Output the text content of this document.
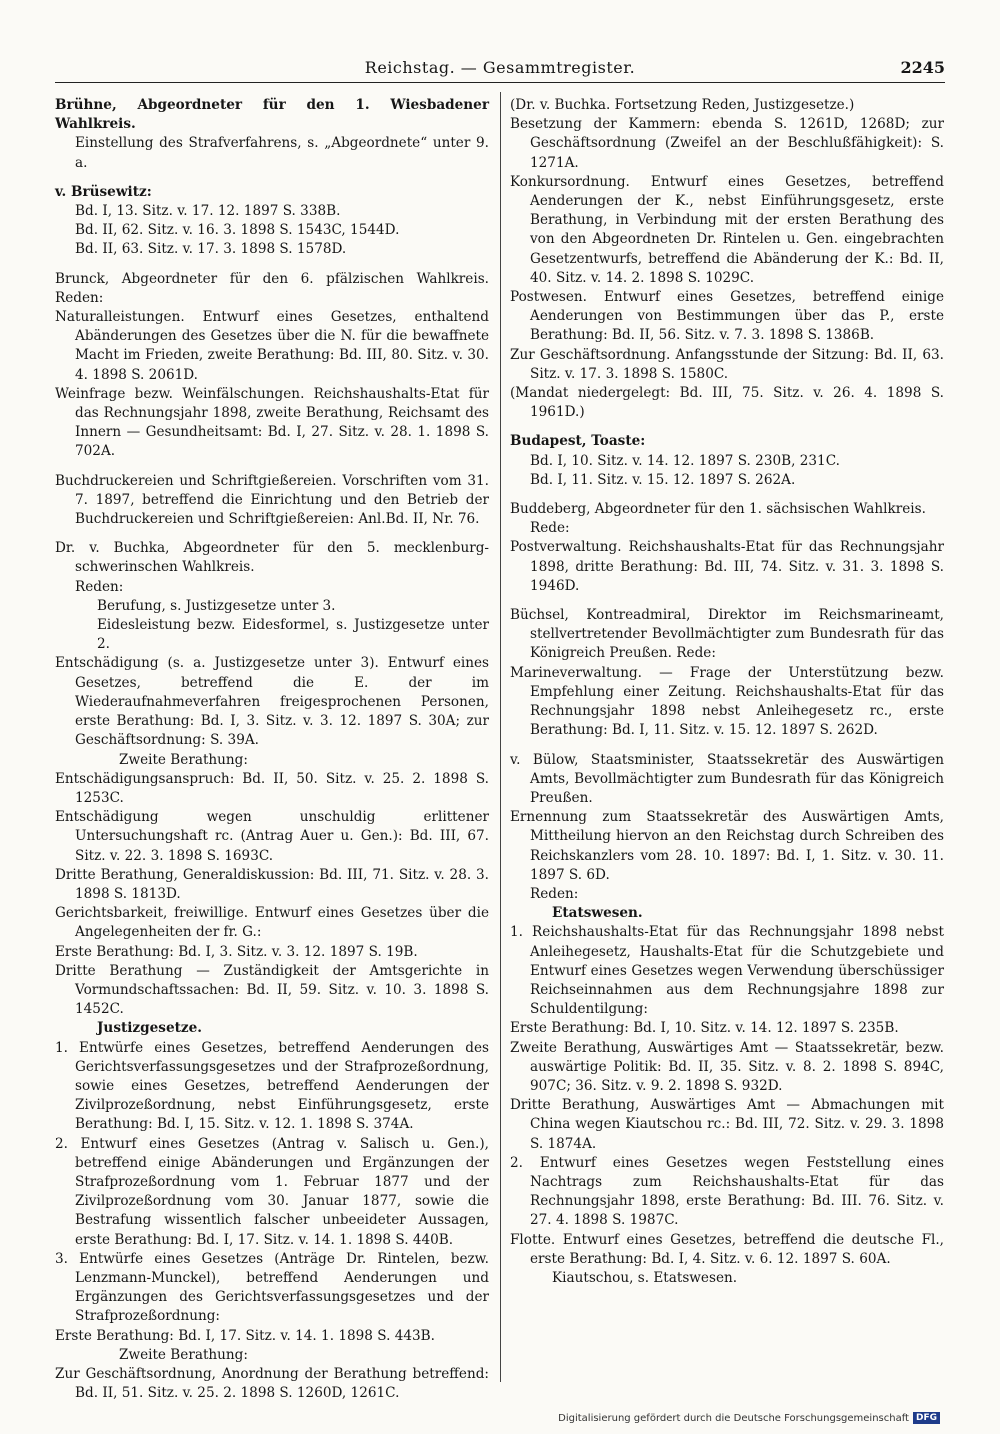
Reichstag. — Gesammtregister.	2245
Brühne, Abgeordneter für den 1. Wiesbadener Wahlkreis.
Einstellung des Strafverfahrens, s. „Abgeordnete“ unter 9. a.
v. Brüsewitz:
Bd. I, 13. Sitz. v. 17. 12. 1897 S. 338B.
Bd. II, 62. Sitz. v. 16. 3. 1898 S. 1543C, 1544D.
Bd. II, 63. Sitz. v. 17. 3. 1898 S. 1578D.
Brunck, Abgeordneter für den 6. pfälzischen Wahlkreis. Reden:
Naturalleistungen. Entwurf eines Gesetzes, enthaltend Abänderungen des Gesetzes über die N. für die bewaffnete Macht im Frieden, zweite Berathung: Bd. III, 80. Sitz. v. 30. 4. 1898 S. 2061D.
Weinfrage bezw. Weinfälschungen. Reichshaushalts-Etat für das Rechnungsjahr 1898, zweite Berathung, Reichsamt des Innern — Gesundheitsamt: Bd. I, 27. Sitz. v. 28. 1. 1898 S. 702A.
Buchdruckereien und Schriftgießereien. Vorschriften vom 31. 7. 1897, betreffend die Einrichtung und den Betrieb der Buchdruckereien und Schriftgießereien: Anl.Bd. II, Nr. 76.
Dr. v. Buchka, Abgeordneter für den 5. mecklenburg-schwerinschen Wahlkreis.
Reden:
Berufung, s. Justizgesetze unter 3.
Eidesleistung bezw. Eidesformel, s. Justizgesetze unter 2.
Entschädigung (s. a. Justizgesetze unter 3). Entwurf eines Gesetzes, betreffend die E. der im Wiederaufnahmeverfahren freigesprochenen Personen, erste Berathung: Bd. I, 3. Sitz. v. 3. 12. 1897 S. 30A; zur Geschäftsordnung: S. 39A.
Zweite Berathung:
Entschädigungsanspruch: Bd. II, 50. Sitz. v. 25. 2. 1898 S. 1253C.
Entschädigung wegen unschuldig erlittener Untersuchungshaft rc. (Antrag Auer u. Gen.): Bd. III, 67. Sitz. v. 22. 3. 1898 S. 1693C.
Dritte Berathung, Generaldiskussion: Bd. III, 71. Sitz. v. 28. 3. 1898 S. 1813D.
Gerichtsbarkeit, freiwillige. Entwurf eines Gesetzes über die Angelegenheiten der fr. G.:
Erste Berathung: Bd. I, 3. Sitz. v. 3. 12. 1897 S. 19B.
Dritte Berathung — Zuständigkeit der Amtsgerichte in Vormundschaftssachen: Bd. II, 59. Sitz. v. 10. 3. 1898 S. 1452C.
Justizgesetze.
1. Entwürfe eines Gesetzes, betreffend Aenderungen des Gerichtsverfassungsgesetzes und der Strafprozeßordnung, sowie eines Gesetzes, betreffend Aenderungen der Zivilprozeßordnung, nebst Einführungsgesetz, erste Berathung: Bd. I, 15. Sitz. v. 12. 1. 1898 S. 374A.
2. Entwurf eines Gesetzes (Antrag v. Salisch u. Gen.), betreffend einige Abänderungen und Ergänzungen der Strafprozeßordnung vom 1. Februar 1877 und der Zivilprozeßordnung vom 30. Januar 1877, sowie die Bestrafung wissentlich falscher unbeeideter Aussagen, erste Berathung: Bd. I, 17. Sitz. v. 14. 1. 1898 S. 440B.
3. Entwürfe eines Gesetzes (Anträge Dr. Rintelen, bezw. Lenzmann-Munckel), betreffend Aenderungen und Ergänzungen des Gerichtsverfassungsgesetzes und der Strafprozeßordnung:
Erste Berathung: Bd. I, 17. Sitz. v. 14. 1. 1898 S. 443B.
Zweite Berathung:
Zur Geschäftsordnung, Anordnung der Berathung betreffend: Bd. II, 51. Sitz. v. 25. 2. 1898 S. 1260D, 1261C.
(Dr. v. Buchka. Fortsetzung Reden, Justizgesetze.)
Besetzung der Kammern: ebenda S. 1261D, 1268D; zur Geschäftsordnung (Zweifel an der Beschlußfähigkeit): S. 1271A.
Konkursordnung. Entwurf eines Gesetzes, betreffend Aenderungen der K., nebst Einführungsgesetz, erste Berathung, in Verbindung mit der ersten Berathung des von den Abgeordneten Dr. Rintelen u. Gen. eingebrachten Gesetzentwurfs, betreffend die Abänderung der K.: Bd. II, 40. Sitz. v. 14. 2. 1898 S. 1029C.
Postwesen. Entwurf eines Gesetzes, betreffend einige Aenderungen von Bestimmungen über das P., erste Berathung: Bd. II, 56. Sitz. v. 7. 3. 1898 S. 1386B.
Zur Geschäftsordnung. Anfangsstunde der Sitzung: Bd. II, 63. Sitz. v. 17. 3. 1898 S. 1580C.
(Mandat niedergelegt: Bd. III, 75. Sitz. v. 26. 4. 1898 S. 1961D.)
Budapest, Toaste:
Bd. I, 10. Sitz. v. 14. 12. 1897 S. 230B, 231C.
Bd. I, 11. Sitz. v. 15. 12. 1897 S. 262A.
Buddeberg, Abgeordneter für den 1. sächsischen Wahlkreis.
Rede:
Postverwaltung. Reichshaushalts-Etat für das Rechnungsjahr 1898, dritte Berathung: Bd. III, 74. Sitz. v. 31. 3. 1898 S. 1946D.
Büchsel, Kontreadmiral, Direktor im Reichsmarineamt, stellvertretender Bevollmächtigter zum Bundesrath für das Königreich Preußen. Rede:
Marineverwaltung. — Frage der Unterstützung bezw. Empfehlung einer Zeitung. Reichshaushalts-Etat für das Rechnungsjahr 1898 nebst Anleihegesetz rc., erste Berathung: Bd. I, 11. Sitz. v. 15. 12. 1897 S. 262D.
v. Bülow, Staatsminister, Staatssekretär des Auswärtigen Amts, Bevollmächtigter zum Bundesrath für das Königreich Preußen.
Ernennung zum Staatssekretär des Auswärtigen Amts, Mittheilung hiervon an den Reichstag durch Schreiben des Reichskanzlers vom 28. 10. 1897: Bd. I, 1. Sitz. v. 30. 11. 1897 S. 6D.
Reden:
Etatswesen.
1. Reichshaushalts-Etat für das Rechnungsjahr 1898 nebst Anleihegesetz, Haushalts-Etat für die Schutzgebiete und Entwurf eines Gesetzes wegen Verwendung überschüssiger Reichseinnahmen aus dem Rechnungsjahre 1898 zur Schuldentilgung:
Erste Berathung: Bd. I, 10. Sitz. v. 14. 12. 1897 S. 235B.
Zweite Berathung, Auswärtiges Amt — Staatssekretär, bezw. auswärtige Politik: Bd. II, 35. Sitz. v. 8. 2. 1898 S. 894C, 907C; 36. Sitz. v. 9. 2. 1898 S. 932D.
Dritte Berathung, Auswärtiges Amt — Abmachungen mit China wegen Kiautschou rc.: Bd. III, 72. Sitz. v. 29. 3. 1898 S. 1874A.
2. Entwurf eines Gesetzes wegen Feststellung eines Nachtrags zum Reichshaushalts-Etat für das Rechnungsjahr 1898, erste Berathung: Bd. III. 76. Sitz. v. 27. 4. 1898 S. 1987C.
Flotte. Entwurf eines Gesetzes, betreffend die deutsche Fl., erste Berathung: Bd. I, 4. Sitz. v. 6. 12. 1897 S. 60A.
Kiautschou, s. Etatswesen.
Digitalisierung gefördert durch die Deutsche Forschungsgemeinschaft DFG
